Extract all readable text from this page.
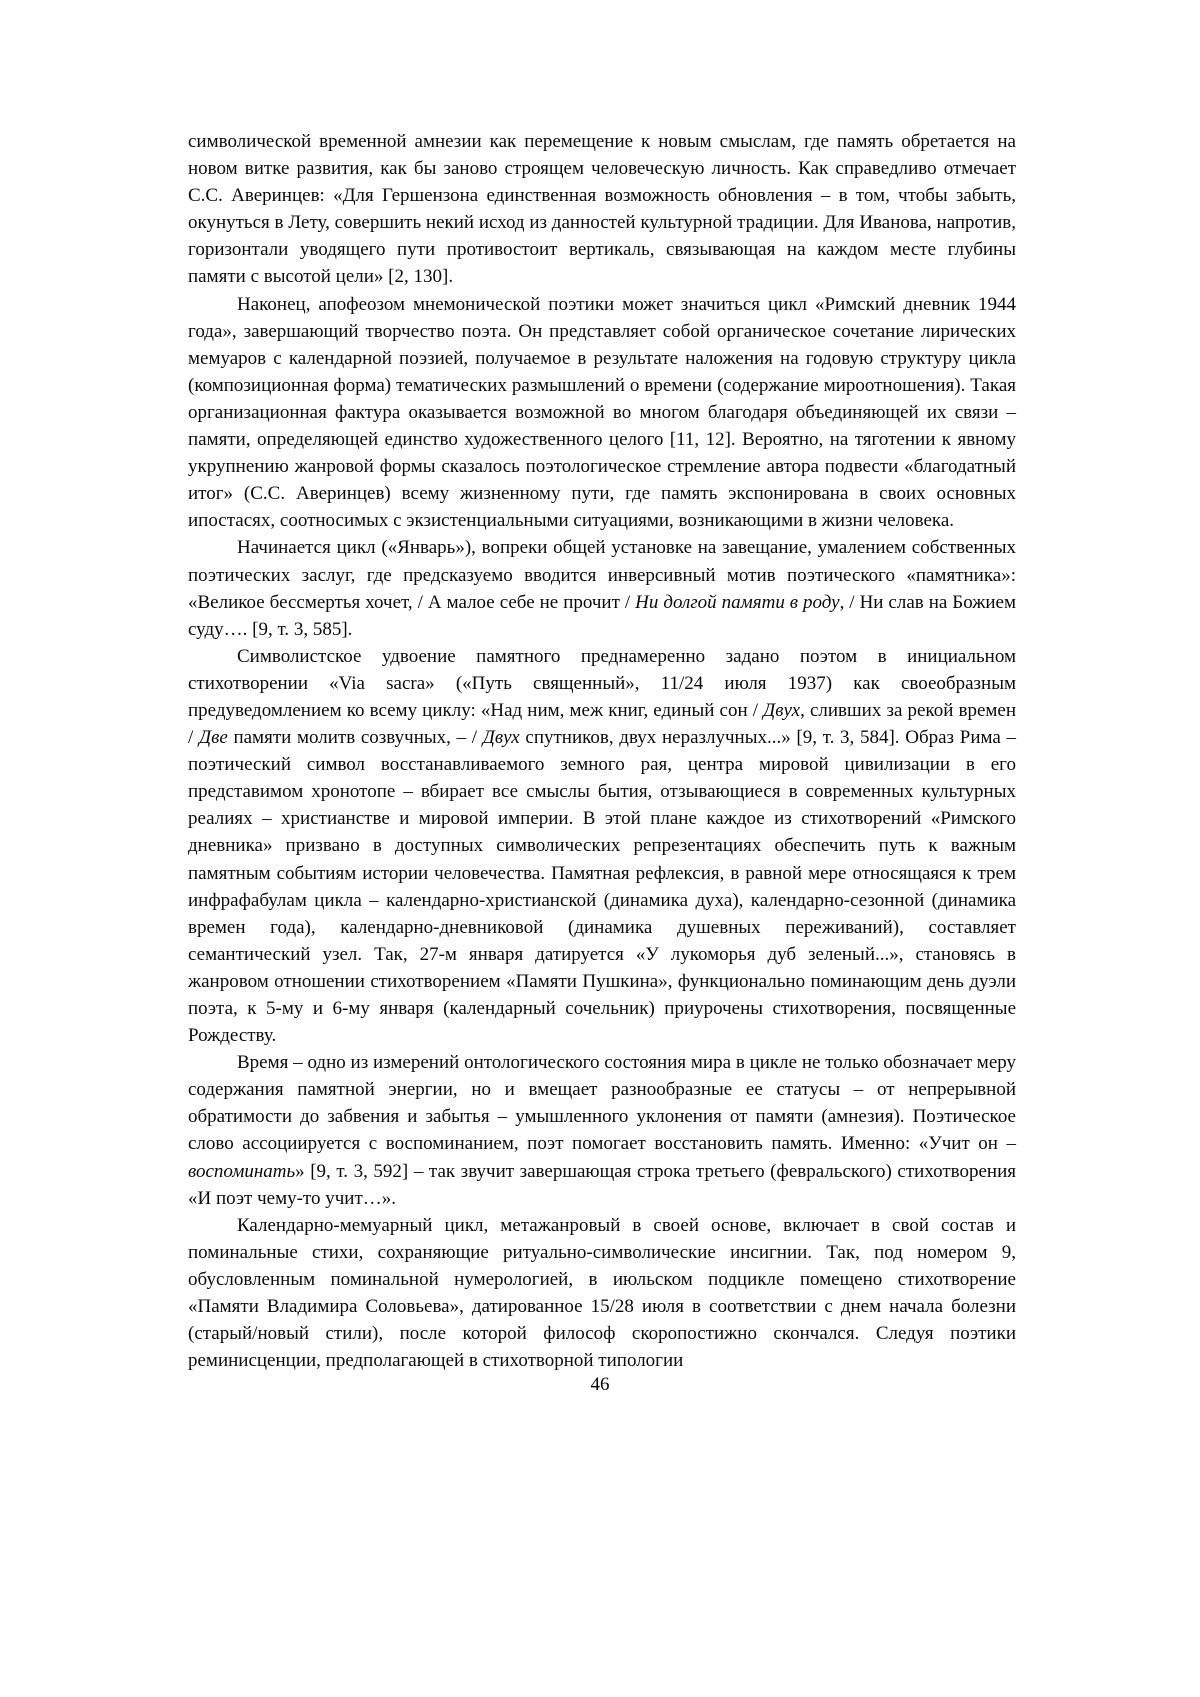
символической временной амнезии как перемещение к новым смыслам, где память обретается на новом витке развития, как бы заново строящем человеческую личность. Как справедливо отмечает С.С. Аверинцев: «Для Гершензона единственная возможность обновления – в том, чтобы забыть, окунуться в Лету, совершить некий исход из данностей культурной традиции. Для Иванова, напротив, горизонтали уводящего пути противостоит вертикаль, связывающая на каждом месте глубины памяти с высотой цели» [2, 130].

Наконец, апофеозом мнемонической поэтики может значиться цикл «Римский дневник 1944 года», завершающий творчество поэта. Он представляет собой органическое сочетание лирических мемуаров с календарной поэзией, получаемое в результате наложения на годовую структуру цикла (композиционная форма) тематических размышлений о времени (содержание мироотношения). Такая организационная фактура оказывается возможной во многом благодаря объединяющей их связи – памяти, определяющей единство художественного целого [11, 12]. Вероятно, на тяготении к явному укрупнению жанровой формы сказалось поэтологическое стремление автора подвести «благодатный итог» (С.С. Аверинцев) всему жизненному пути, где память экспонирована в своих основных ипостасях, соотносимых с экзистенциальными ситуациями, возникающими в жизни человека.

Начинается цикл («Январь»), вопреки общей установке на завещание, умалением собственных поэтических заслуг, где предсказуемо вводится инверсивный мотив поэтического «памятника»: «Великое бессмертья хочет, / А малое себе не прочит / Ни долгой памяти в роду, / Ни слав на Божием суду…. [9, т. 3, 585].

Символистское удвоение памятного преднамеренно задано поэтом в инициальном стихотворении «Via sacra» («Путь священный», 11/24 июля 1937) как своеобразным предуведомлением ко всему циклу: «Над ним, меж книг, единый сон / Двух, сливших за рекой времен / Две памяти молитв созвучных, – / Двух спутников, двух неразлучных...» [9, т. 3, 584]. Образ Рима – поэтический символ восстанавливаемого земного рая, центра мировой цивилизации в его представимом хронотопе – вбирает все смыслы бытия, отзывающиеся в современных культурных реалиях – христианстве и мировой империи. В этой плане каждое из стихотворений «Римского дневника» призвано в доступных символических репрезентациях обеспечить путь к важным памятным событиям истории человечества. Памятная рефлексия, в равной мере относящаяся к трем инфрафабулам цикла – календарно-христианской (динамика духа), календарно-сезонной (динамика времен года), календарно-дневниковой (динамика душевных переживаний), составляет семантический узел. Так, 27-м января датируется «У лукоморья дуб зеленый...», становясь в жанровом отношении стихотворением «Памяти Пушкина», функционально поминающим день дуэли поэта, к 5-му и 6-му января (календарный сочельник) приурочены стихотворения, посвященные Рождеству.

Время – одно из измерений онтологического состояния мира в цикле не только обозначает меру содержания памятной энергии, но и вмещает разнообразные ее статусы – от непрерывной обратимости до забвения и забытья – умышленного уклонения от памяти (амнезия). Поэтическое слово ассоциируется с воспоминанием, поэт помогает восстановить память. Именно: «Учит он – воспоминать» [9, т. 3, 592] – так звучит завершающая строка третьего (февральского) стихотворения «И поэт чему-то учит…».

Календарно-мемуарный цикл, метажанровый в своей основе, включает в свой состав и поминальные стихи, сохраняющие ритуально-символические инсигнии. Так, под номером 9, обусловленным поминальной нумерологией, в июльском подцикле помещено стихотворение «Памяти Владимира Соловьева», датированное 15/28 июля в соответствии с днем начала болезни (старый/новый стили), после которой философ скоропостижно скончался. Следуя поэтики реминисценции, предполагающей в стихотворной типологии

46
